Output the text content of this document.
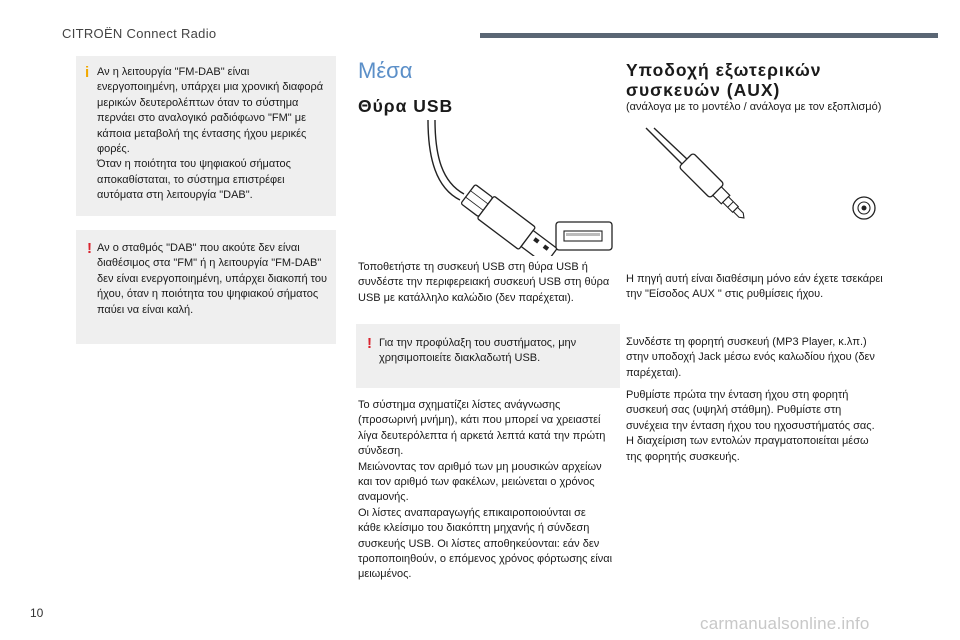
CITROËN Connect Radio
i Αν η λειτουργία "FM-DAB" είναι

ενεργοποιημένη, υπάρχει μια χρονική διαφορά

μερικών δευτερολέπτων όταν το σύστημα

περνάει στο αναλογικό ραδιόφωνο "FM" με

κάποια μεταβολή της έντασης ήχου μερικές

φορές.

Όταν η ποιότητα του ψηφιακού σήματος

αποκαθίσταται, το σύστημα επιστρέφει

αυτόματα στη λειτουργία "DAB".

! Αν ο σταθμός "DAB" που ακούτε δεν είναι

διαθέσιμος στα "FM" ή η λειτουργία "FM-DAB"

δεν είναι ενεργοποιημένη, υπάρχει διακοπή του

ήχου, όταν η ποιότητα του ψηφιακού σήματος

παύει να είναι καλή.

Μέσα
Θύρα USB

Τοποθετήστε τη συσκευή USB στη θύρα USB ή

συνδέστε την περιφερειακή συσκευή USB στη θύρα

USB με κατάλληλο καλώδιο (δεν παρέχεται).

! Για την προφύλαξη του συστήματος, μην

χρησιμοποιείτε διακλαδωτή USB.

Το σύστημα σχηματίζει λίστες ανάγνωσης

(προσωρινή μνήμη), κάτι που μπορεί να χρειαστεί

λίγα δευτερόλεπτα ή αρκετά λεπτά κατά την πρώτη

σύνδεση.

Μειώνοντας τον αριθμό των μη μουσικών αρχείων

και τον αριθμό των φακέλων, μειώνεται ο χρόνος

αναμονής.

Οι λίστες αναπαραγωγής επικαιροποιούνται σε

κάθε κλείσιμο του διακόπτη μηχανής ή σύνδεση

συσκευής USB. Οι λίστες αποθηκεύονται: εάν δεν

τροποποιηθούν, ο επόμενος χρόνος φόρτωσης είναι

μειωμένος.

Υποδοχή εξωτερικών
συσκευών (AUX)
(ανάλογα με το μοντέλο / ανάλογα με τον εξοπλισμό)

Η πηγή αυτή είναι διαθέσιμη μόνο εάν έχετε τσεκάρει

την "Είσοδος AUX " στις ρυθμίσεις ήχου.

Συνδέστε τη φορητή συσκευή (MP3 Player, κ.λπ.)

στην υποδοχή Jack μέσω ενός καλωδίου ήχου (δεν

παρέχεται).

Ρυθμίστε πρώτα την ένταση ήχου στη φορητή

συσκευή σας (υψηλή στάθμη). Ρυθμίστε στη

συνέχεια την ένταση ήχου του ηχοσυστήματός σας.

Η διαχείριση των εντολών πραγματοποιείται μέσω

της φορητής συσκευής.

10
carmanualsonline.info
